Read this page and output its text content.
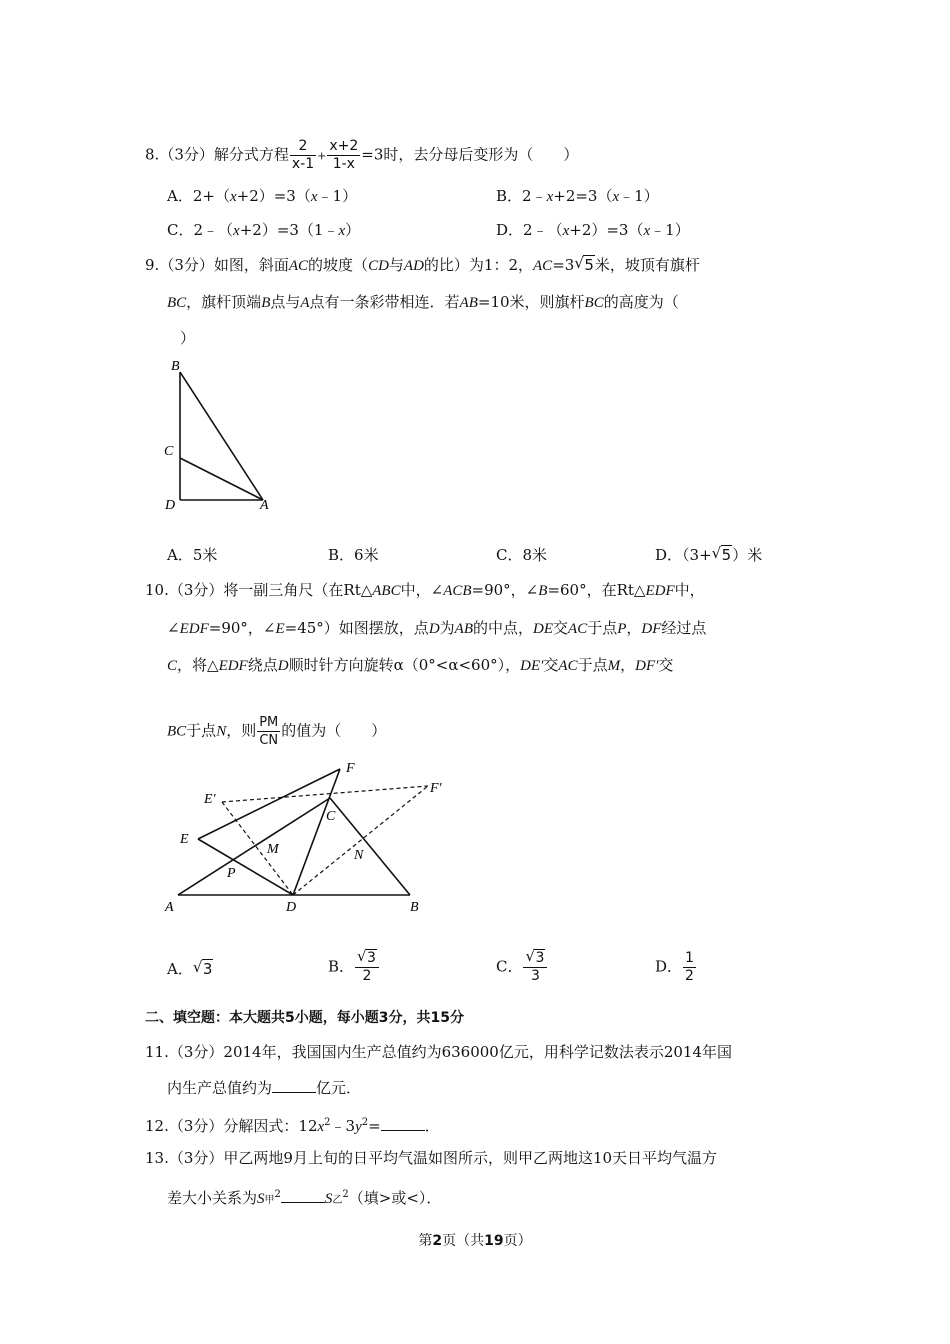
8.（3分）解分式方程 $\frac{2}{x-1} + \frac{x+2}{1-x} =3$时，去分母后变形为（　　）
A．2+（x+2）=3（x﹣1）	B．2﹣x+2=3（x﹣1）
C．2﹣（x+2）=3（1﹣x）	D．2﹣（x+2）=3（x﹣1）
9.（3分）如图，斜面AC的坡度（CD与AD的比）为1：2，AC=3 √ 5米，坡顶有旗杆
BC，旗杆顶端B点与A点有一条彩带相连．若AB=10米，则旗杆BC的高度为（
）
B
C
D	A
A．5米	B．6米	C．8米	D．（3+ √ 5）米
10.（3分）将一副三角尺（在Rt△ABC中，∠ACB=90°，∠B=60°，在Rt△EDF中，
∠EDF=90°，∠E=45°）如图摆放，点D为AB的中点，DE交AC于点P，DF经过点
C，将△EDF绕点D顺时针方向旋转α（0°<α<60°），DE′交AC于点M，DF′交
BC于点N，则 $\frac{PM}{CN}$ 的值为（　　）
F
E′
F′
C
E
M	N
P
A	D	B
A． √ 3	B． $\frac{√ 3}{2}$	C． $\frac{√ 3}{3}$	D． $\frac{1}{2}$
二、填空题：本大题共5小题，每小题3分，共15分
11.（3分）2014年，我国国内生产总值约为636000亿元，用科学记数法表示2014年国
内生产总值约为	亿元．
12.（3分）分解因式：$12x^2﹣3y^2=$	．
13.（3分）甲乙两地9月上旬的日平均气温如图所示，则甲乙两地这10天日平均气温方
差大小关系为S甲$^2$	S乙$^2$（填>或<）．
第2页（共19页）
